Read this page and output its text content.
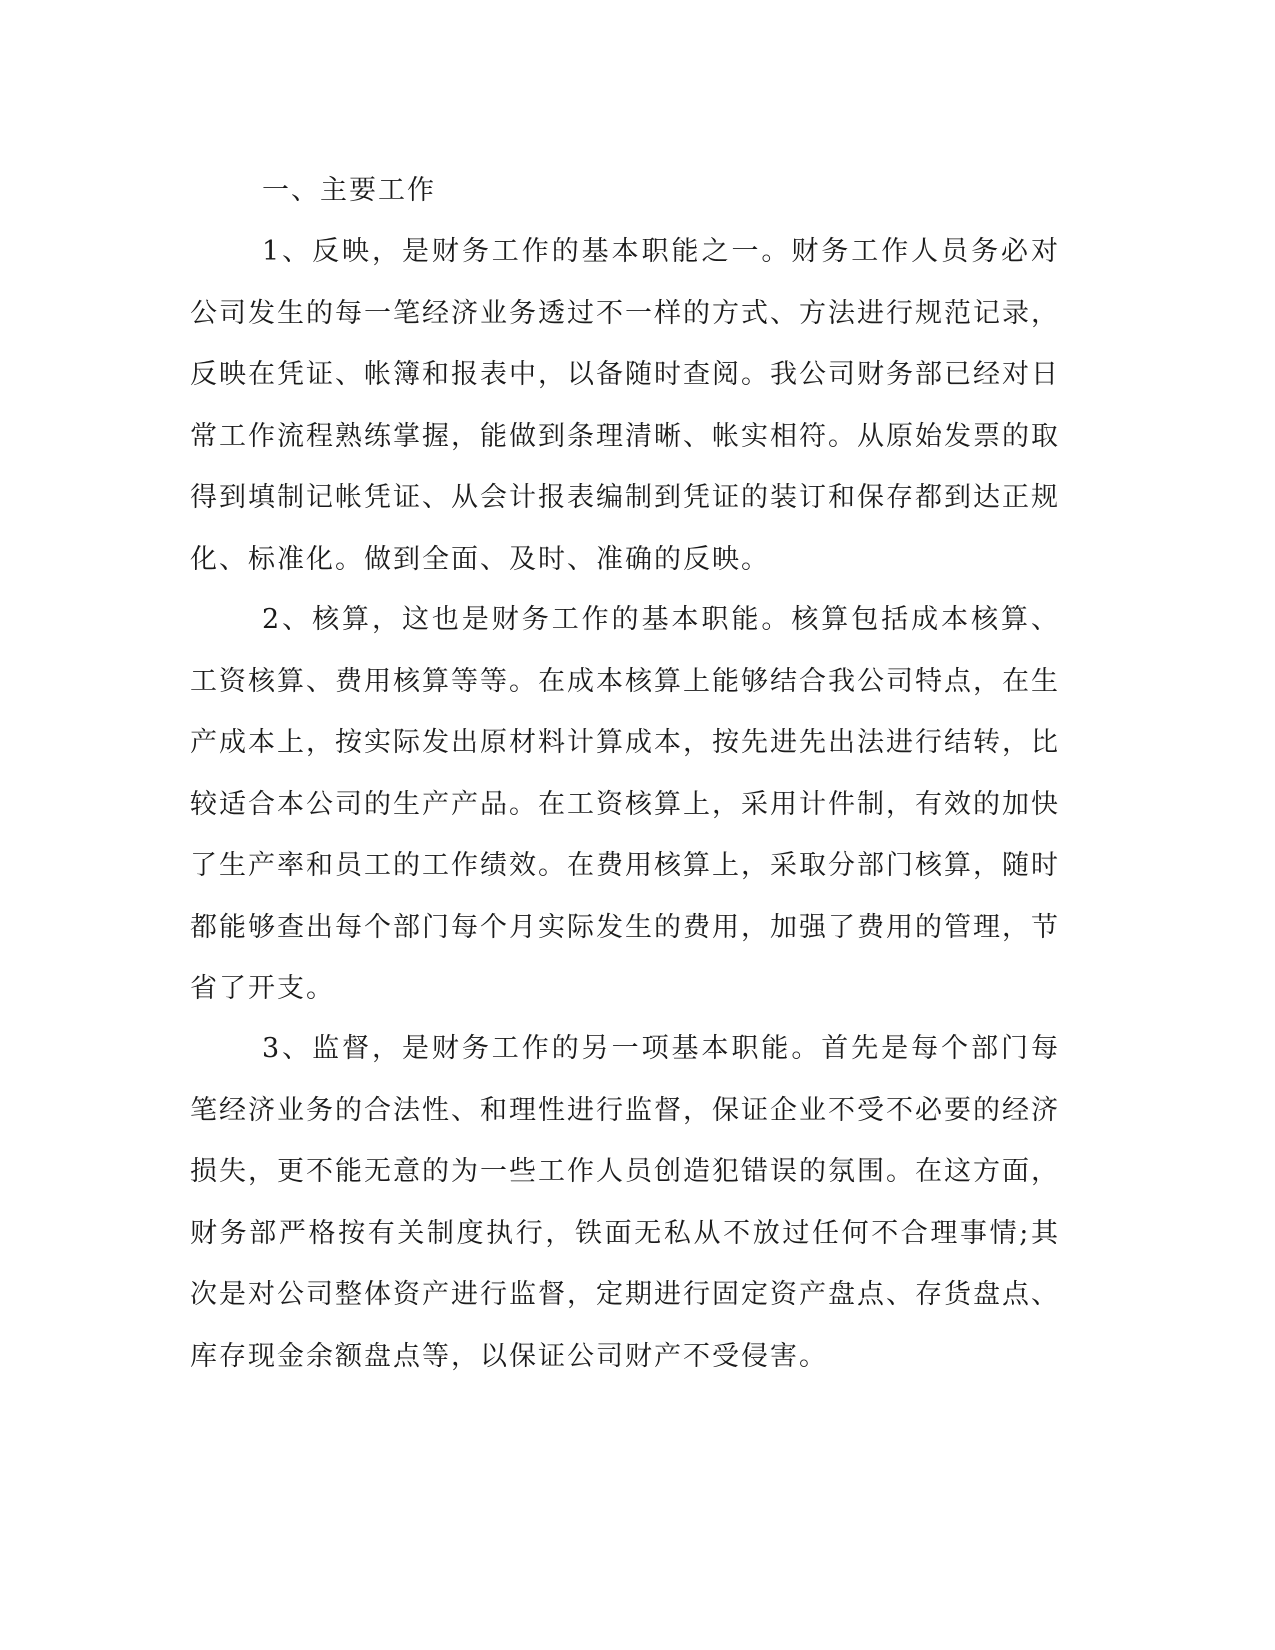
一、主要工作

1、反映，是财务工作的基本职能之一。财务工作人员务必对公司发生的每一笔经济业务透过不一样的方式、方法进行规范记录，反映在凭证、帐簿和报表中，以备随时查阅。我公司财务部已经对日常工作流程熟练掌握，能做到条理清晰、帐实相符。从原始发票的取得到填制记帐凭证、从会计报表编制到凭证的装订和保存都到达正规化、标准化。做到全面、及时、准确的反映。

2、核算，这也是财务工作的基本职能。核算包括成本核算、工资核算、费用核算等等。在成本核算上能够结合我公司特点，在生产成本上，按实际发出原材料计算成本，按先进先出法进行结转，比较适合本公司的生产产品。在工资核算上，采用计件制，有效的加快了生产率和员工的工作绩效。在费用核算上，采取分部门核算，随时都能够查出每个部门每个月实际发生的费用，加强了费用的管理，节省了开支。

3、监督，是财务工作的另一项基本职能。首先是每个部门每笔经济业务的合法性、和理性进行监督，保证企业不受不必要的经济损失，更不能无意的为一些工作人员创造犯错误的氛围。在这方面，财务部严格按有关制度执行，铁面无私从不放过任何不合理事情;其次是对公司整体资产进行监督，定期进行固定资产盘点、存货盘点、库存现金余额盘点等，以保证公司财产不受侵害。
